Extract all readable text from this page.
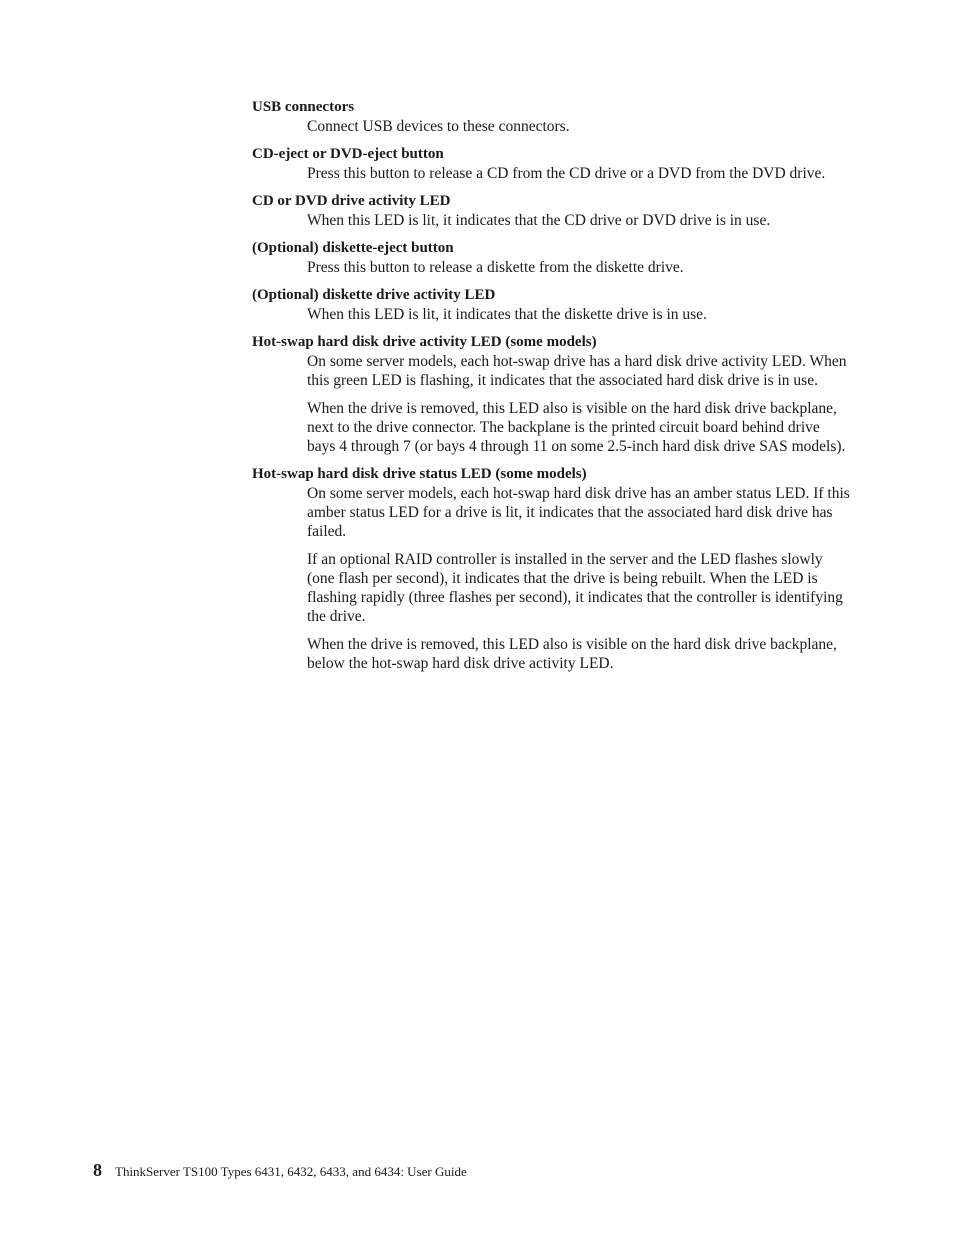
USB connectors

Connect USB devices to these connectors.

CD-eject or DVD-eject button

Press this button to release a CD from the CD drive or a DVD from the DVD drive.

CD or DVD drive activity LED

When this LED is lit, it indicates that the CD drive or DVD drive is in use.

(Optional) diskette-eject button

Press this button to release a diskette from the diskette drive.

(Optional) diskette drive activity LED

When this LED is lit, it indicates that the diskette drive is in use.

Hot-swap hard disk drive activity LED (some models)

On some server models, each hot-swap drive has a hard disk drive activity LED. When this green LED is flashing, it indicates that the associated hard disk drive is in use.

When the drive is removed, this LED also is visible on the hard disk drive backplane, next to the drive connector. The backplane is the printed circuit board behind drive bays 4 through 7 (or bays 4 through 11 on some 2.5-inch hard disk drive SAS models).

Hot-swap hard disk drive status LED (some models)

On some server models, each hot-swap hard disk drive has an amber status LED. If this amber status LED for a drive is lit, it indicates that the associated hard disk drive has failed.

If an optional RAID controller is installed in the server and the LED flashes slowly (one flash per second), it indicates that the drive is being rebuilt. When the LED is flashing rapidly (three flashes per second), it indicates that the controller is identifying the drive.

When the drive is removed, this LED also is visible on the hard disk drive backplane, below the hot-swap hard disk drive activity LED.

8 ThinkServer TS100 Types 6431, 6432, 6433, and 6434: User Guide
